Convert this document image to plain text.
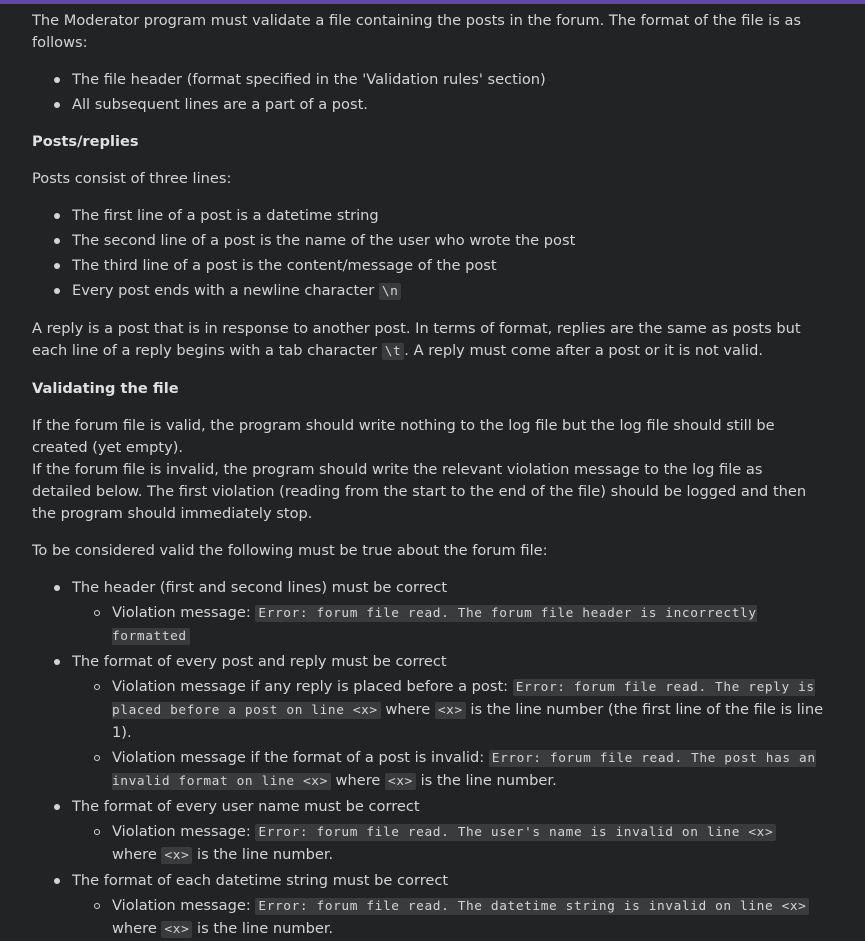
The Moderator program must validate a file containing the posts in the forum. The format of the file is as follows:

The file header (format specified in the 'Validation rules' section)
All subsequent lines are a part of a post.
Posts/replies

Posts consist of three lines:

The first line of a post is a datetime string
The second line of a post is the name of the user who wrote the post
The third line of a post is the content/message of the post
Every post ends with a newline character \n

A reply is a post that is in response to another post. In terms of format, replies are the same as posts but each line of a reply begins with a tab character \t . A reply must come after a post or it is not valid.

Validating the file

If the forum file is valid, the program should write nothing to the log file but the log file should still be created (yet empty).
If the forum file is invalid, the program should write the relevant violation message to the log file as detailed below. The first violation (reading from the start to the end of the file) should be logged and then the program should immediately stop.

To be considered valid the following must be true about the forum file:

The header (first and second lines) must be correct
Violation message: Error: forum file read. The forum file header is incorrectly formatted
The format of every post and reply must be correct
Violation message if any reply is placed before a post: Error: forum file read. The reply is placed before a post on line <x> where <x> is the line number (the first line of the file is line 1).
Violation message if the format of a post is invalid: Error: forum file read. The post has an invalid format on line <x> where <x> is the line number.
The format of every user name must be correct
Violation message: Error: forum file read. The user's name is invalid on line <x> where <x> is the line number.
The format of each datetime string must be correct
Violation message: Error: forum file read. The datetime string is invalid on line <x> where <x> is the line number.
